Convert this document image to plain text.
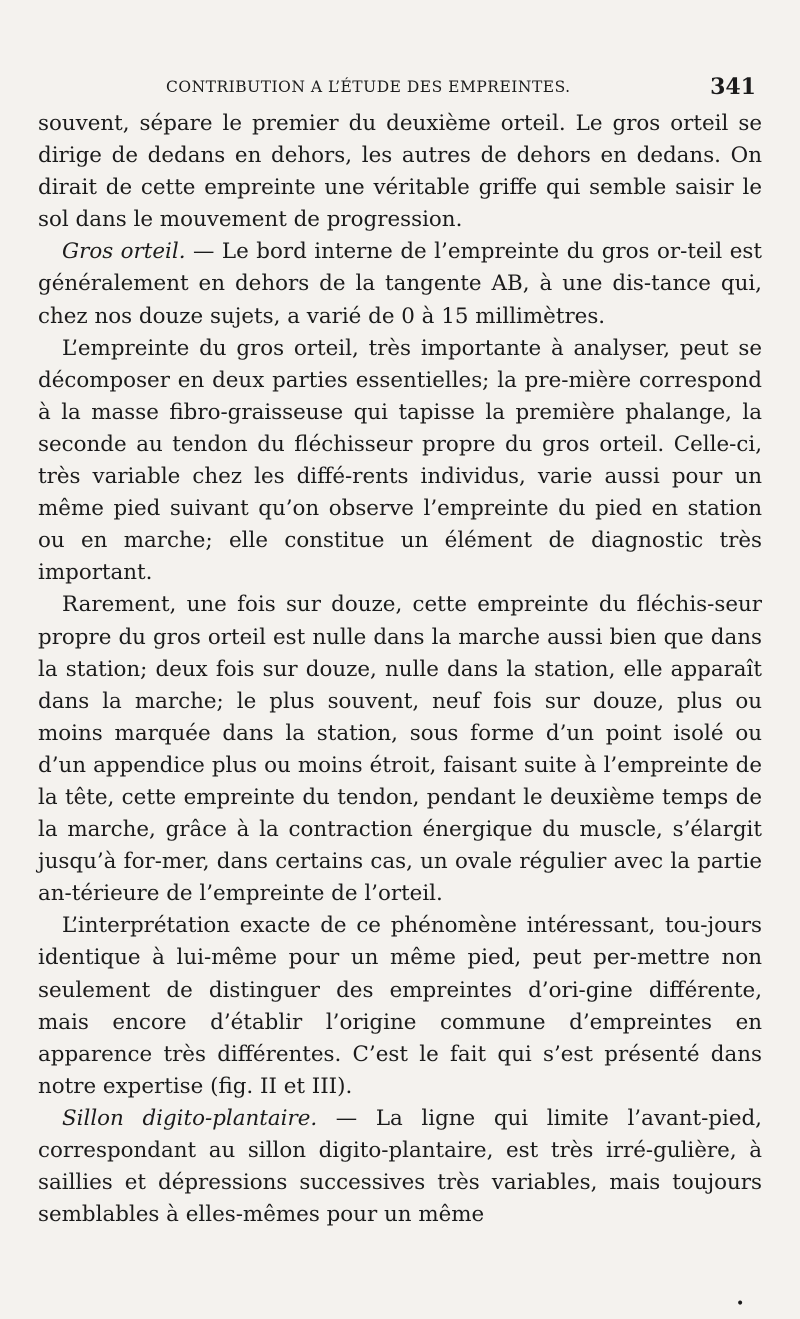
CONTRIBUTION A L’ÉTUDE DES EMPREINTES.	341

souvent, sépare le premier du deuxième orteil. Le gros orteil se dirige de dedans en dehors, les autres de dehors en dedans. On dirait de cette empreinte une véritable griffe qui semble saisir le sol dans le mouvement de progression.

Gros orteil. — Le bord interne de l’empreinte du gros or-teil est généralement en dehors de la tangente AB, à une dis-tance qui, chez nos douze sujets, a varié de 0 à 15 millimètres.

L’empreinte du gros orteil, très importante à analyser, peut se décomposer en deux parties essentielles; la pre-mière correspond à la masse fibro-graisseuse qui tapisse la première phalange, la seconde au tendon du fléchisseur propre du gros orteil. Celle-ci, très variable chez les diffé-rents individus, varie aussi pour un même pied suivant qu’on observe l’empreinte du pied en station ou en marche; elle constitue un élément de diagnostic très important.

Rarement, une fois sur douze, cette empreinte du fléchis-seur propre du gros orteil est nulle dans la marche aussi bien que dans la station; deux fois sur douze, nulle dans la station, elle apparaît dans la marche; le plus souvent, neuf fois sur douze, plus ou moins marquée dans la station, sous forme d’un point isolé ou d’un appendice plus ou moins étroit, faisant suite à l’empreinte de la tête, cette empreinte du tendon, pendant le deuxième temps de la marche, grâce à la contraction énergique du muscle, s’élargit jusqu’à for-mer, dans certains cas, un ovale régulier avec la partie an-térieure de l’empreinte de l’orteil.

L’interprétation exacte de ce phénomène intéressant, tou-jours identique à lui-même pour un même pied, peut per-mettre non seulement de distinguer des empreintes d’ori-gine différente, mais encore d’établir l’origine commune d’empreintes en apparence très différentes. C’est le fait qui s’est présenté dans notre expertise (fig. II et III).

Sillon digito-plantaire. — La ligne qui limite l’avant-pied, correspondant au sillon digito-plantaire, est très irré-gulière, à saillies et dépressions successives très variables, mais toujours semblables à elles-mêmes pour un même

•
